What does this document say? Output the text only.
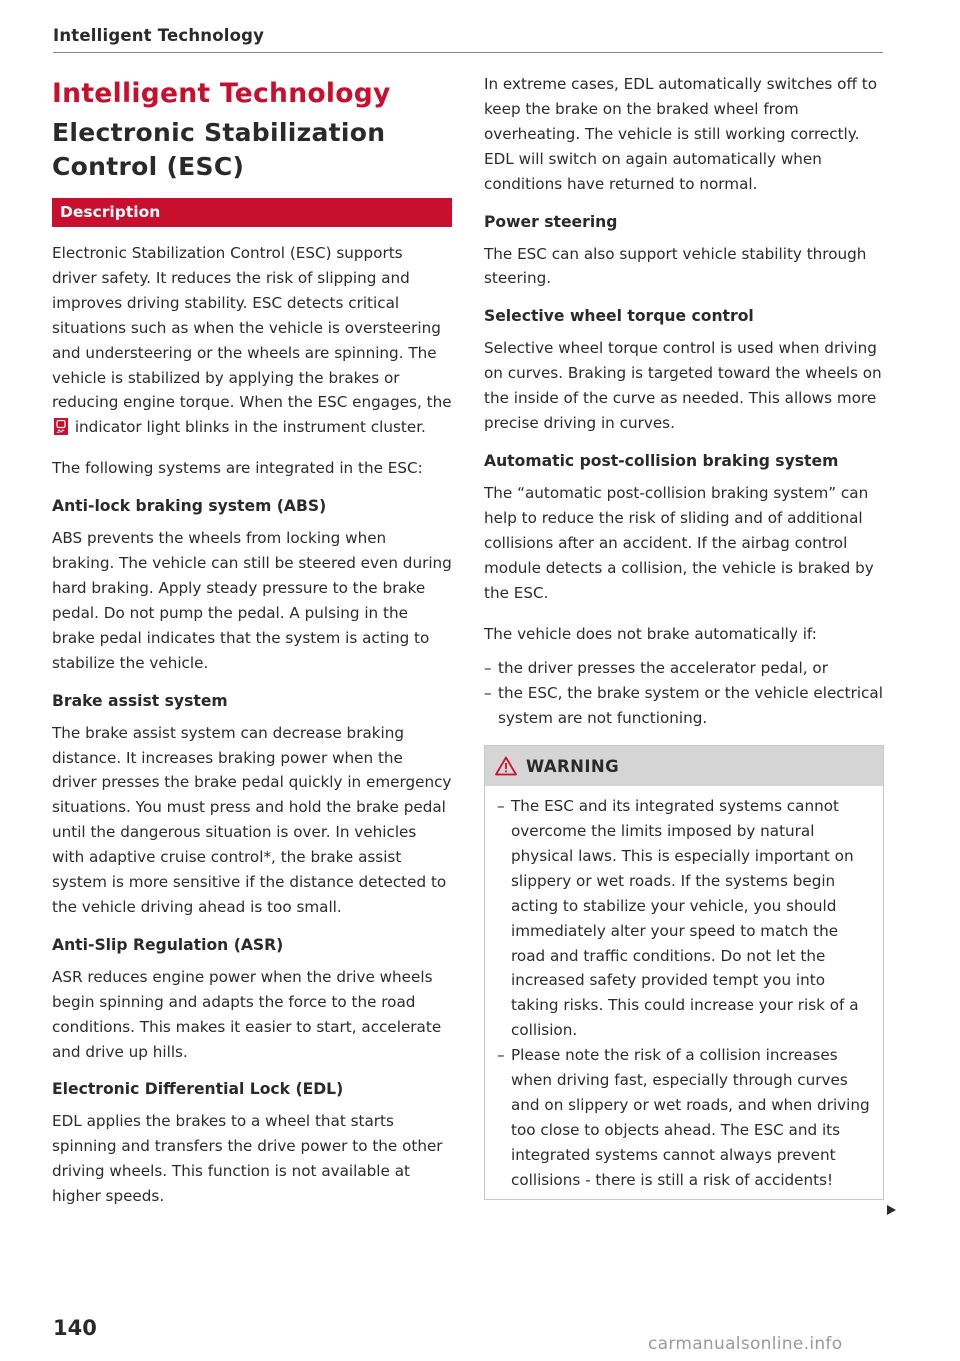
Intelligent Technology
Intelligent Technology
Electronic Stabilization Control (ESC)
Description

Electronic Stabilization Control (ESC) supports driver safety. It reduces the risk of slipping and improves driving stability. ESC detects critical situations such as when the vehicle is oversteering and understeering or the wheels are spinning. The vehicle is stabilized by applying the brakes or reducing engine torque. When the ESC engages, the
indicator light blinks in the instrument cluster.

The following systems are integrated in the ESC:

Anti-lock braking system (ABS)

ABS prevents the wheels from locking when braking. The vehicle can still be steered even during hard braking. Apply steady pressure to the brake pedal. Do not pump the pedal. A pulsing in the brake pedal indicates that the system is acting to stabilize the vehicle.

Brake assist system

The brake assist system can decrease braking distance. It increases braking power when the driver presses the brake pedal quickly in emergency situations. You must press and hold the brake pedal until the dangerous situation is over. In vehicles with adaptive cruise control*, the brake assist system is more sensitive if the distance detected to the vehicle driving ahead is too small.

Anti-Slip Regulation (ASR)

ASR reduces engine power when the drive wheels begin spinning and adapts the force to the road conditions. This makes it easier to start, accelerate and drive up hills.

Electronic Differential Lock (EDL)

EDL applies the brakes to a wheel that starts spinning and transfers the drive power to the other driving wheels. This function is not available at higher speeds.

In extreme cases, EDL automatically switches off to keep the brake on the braked wheel from overheating. The vehicle is still working correctly. EDL will switch on again automatically when conditions have returned to normal.

Power steering

The ESC can also support vehicle stability through steering.

Selective wheel torque control

Selective wheel torque control is used when driving on curves. Braking is targeted toward the wheels on the inside of the curve as needed. This allows more precise driving in curves.

Automatic post-collision braking system

The “automatic post-collision braking system” can help to reduce the risk of sliding and of additional collisions after an accident. If the airbag control module detects a collision, the vehicle is braked by the ESC.

The vehicle does not brake automatically if:

– the driver presses the accelerator pedal, or
– the ESC, the brake system or the vehicle electrical system are not functioning.
WARNING
– The ESC and its integrated systems cannot overcome the limits imposed by natural physical laws. This is especially important on slippery or wet roads. If the systems begin acting to stabilize your vehicle, you should immediately alter your speed to match the road and traffic conditions. Do not let the increased safety provided tempt you into taking risks. This could increase your risk of a collision.
– Please note the risk of a collision increases when driving fast, especially through curves and on slippery or wet roads, and when driving too close to objects ahead. The ESC and its integrated systems cannot always prevent collisions - there is still a risk of accidents!
140
carmanualsonline.info
